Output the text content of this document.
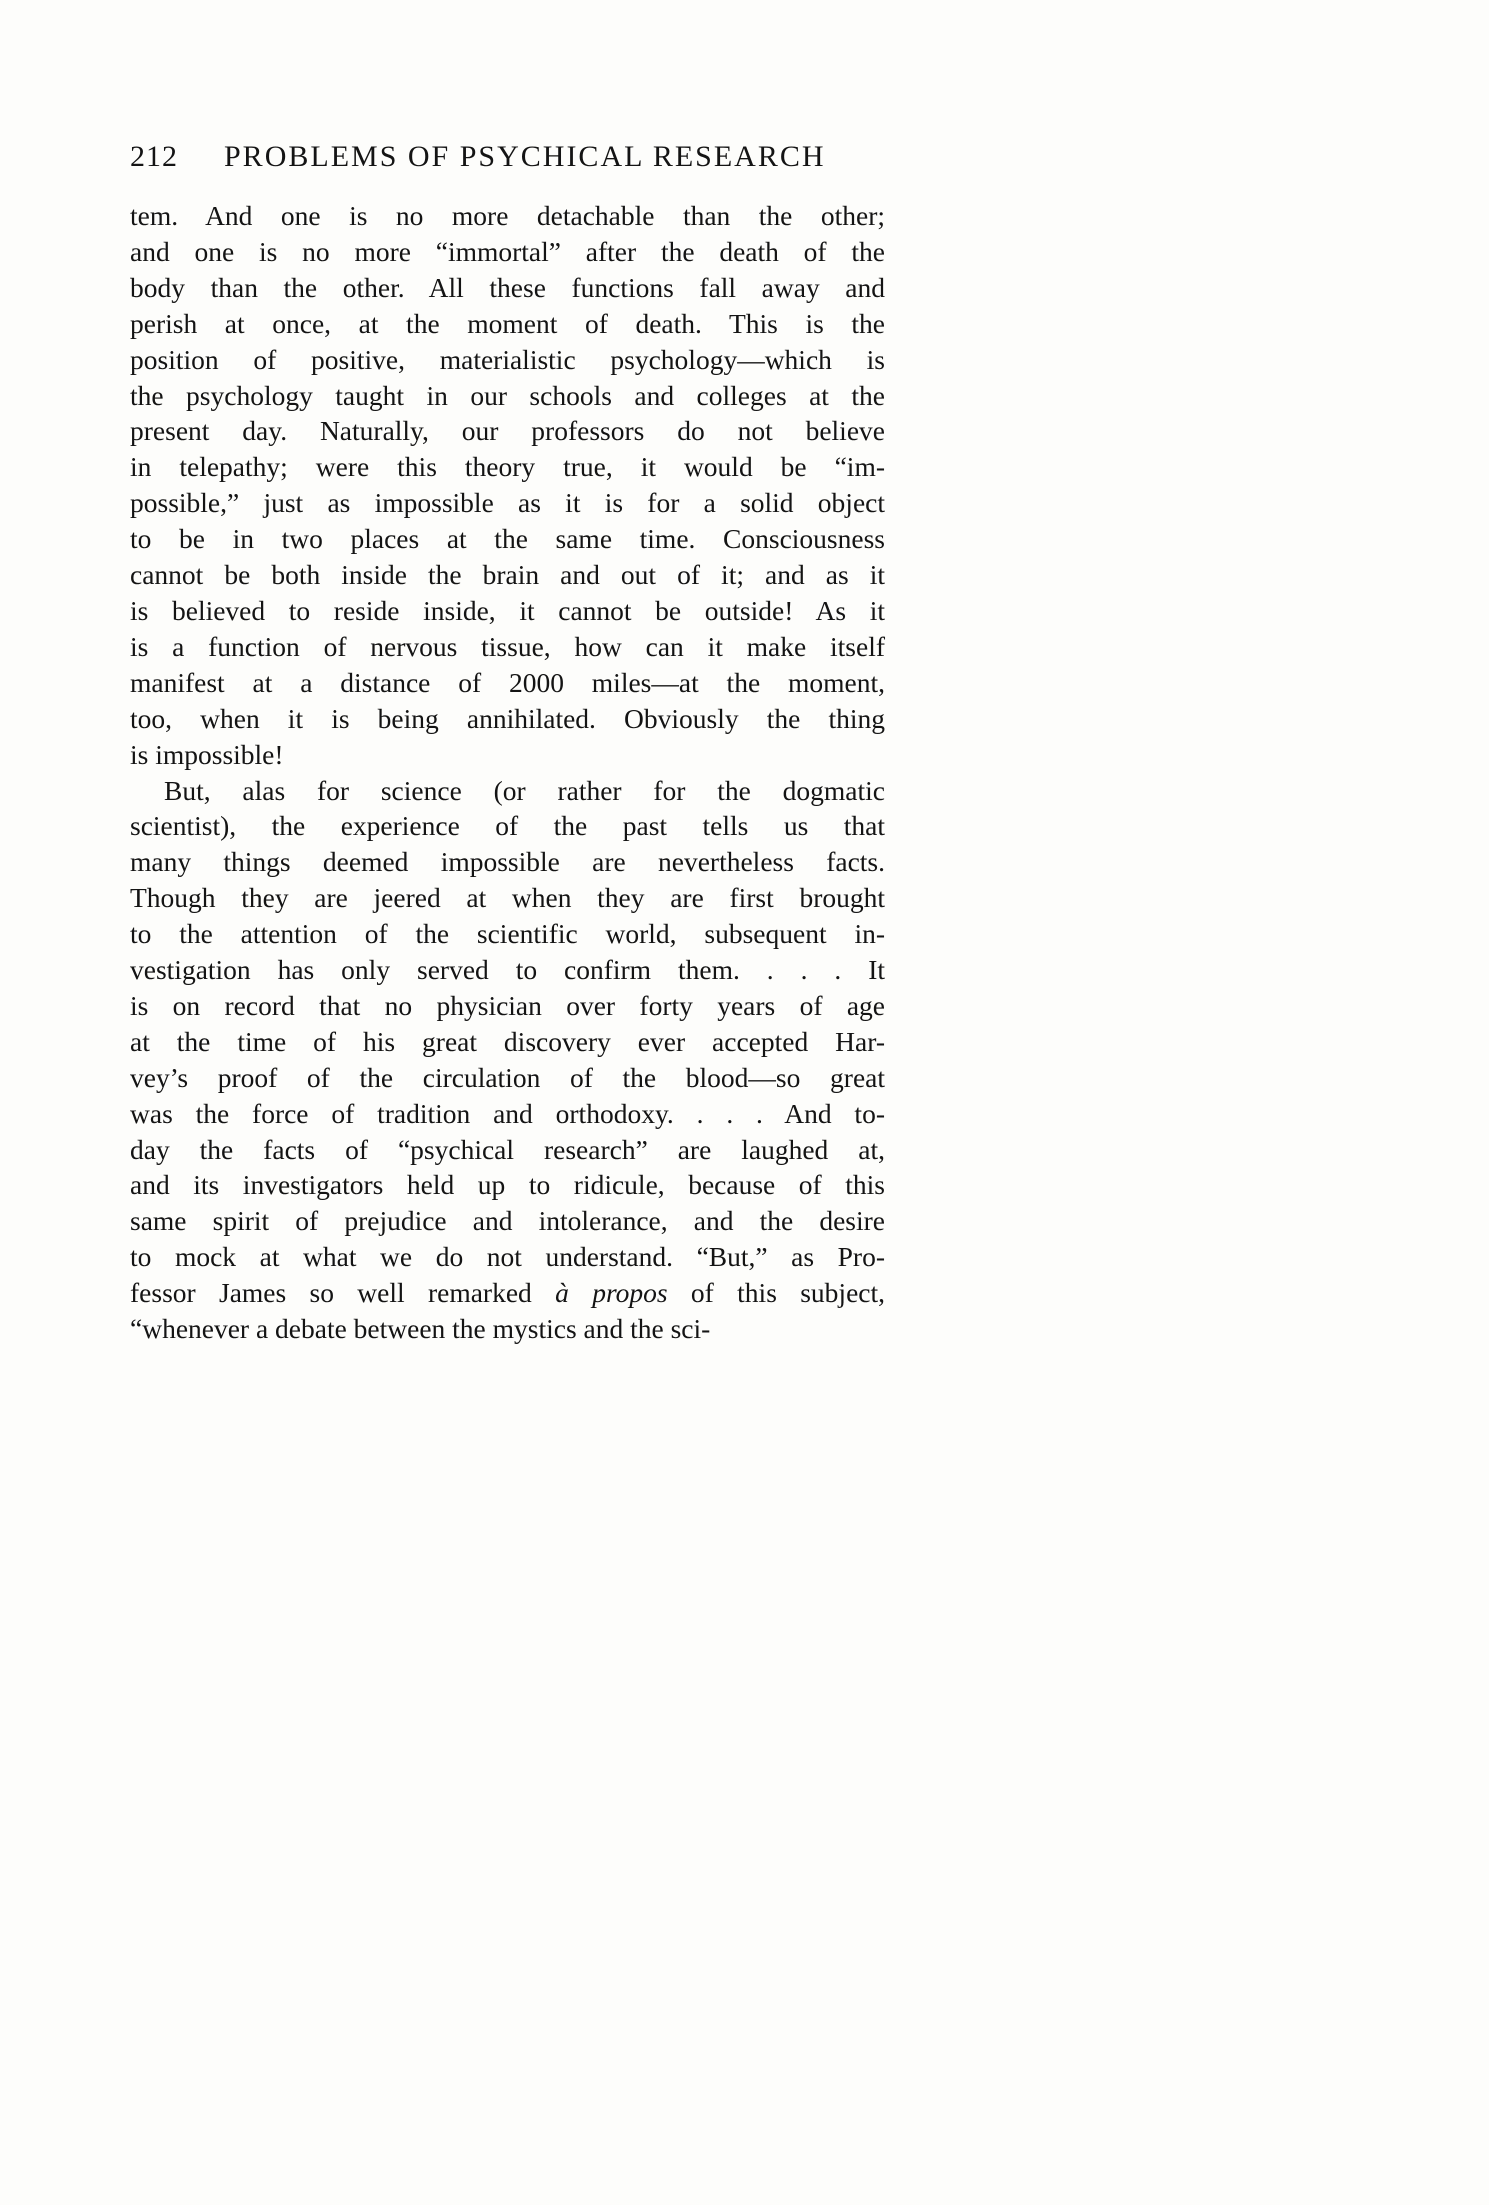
212 PROBLEMS OF PSYCHICAL RESEARCH
tem. And one is no more detachable than the other;
and one is no more “immortal” after the death of the
body than the other. All these functions fall away and
perish at once, at the moment of death. This is the
position of positive, materialistic psychology—which is
the psychology taught in our schools and colleges at the
present day. Naturally, our professors do not believe
in telepathy; were this theory true, it would be “im-
possible,” just as impossible as it is for a solid object
to be in two places at the same time. Consciousness
cannot be both inside the brain and out of it; and as it
is believed to reside inside, it cannot be outside! As it
is a function of nervous tissue, how can it make itself
manifest at a distance of 2000 miles—at the moment,
too, when it is being annihilated. Obviously the thing
is impossible!
But, alas for science (or rather for the dogmatic
scientist), the experience of the past tells us that
many things deemed impossible are nevertheless facts.
Though they are jeered at when they are first brought
to the attention of the scientific world, subsequent in-
vestigation has only served to confirm them. . . . It
is on record that no physician over forty years of age
at the time of his great discovery ever accepted Har-
vey’s proof of the circulation of the blood—so great
was the force of tradition and orthodoxy. . . . And to-
day the facts of “psychical research” are laughed at,
and its investigators held up to ridicule, because of this
same spirit of prejudice and intolerance, and the desire
to mock at what we do not understand. “But,” as Pro-
fessor James so well remarked à propos of this subject,
“whenever a debate between the mystics and the sci-
